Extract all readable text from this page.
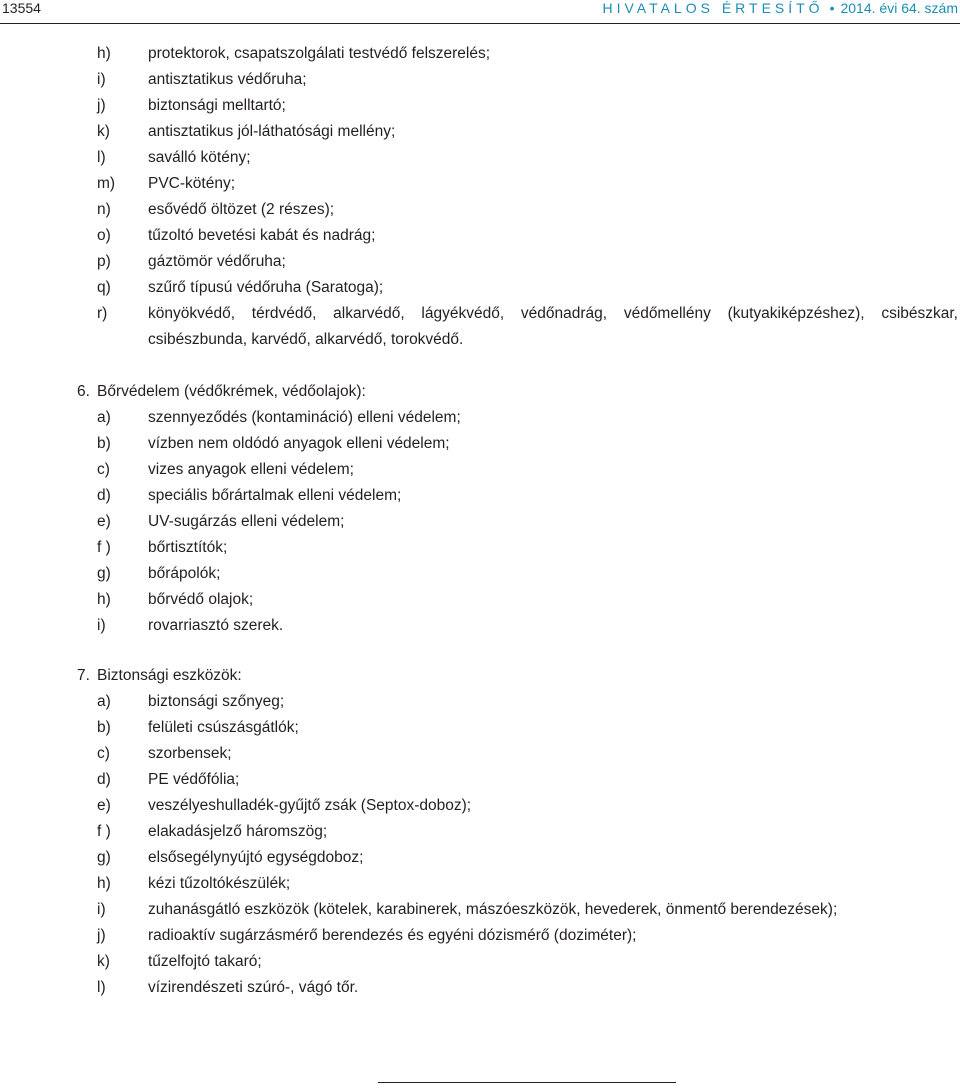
13554	HIVATALOS ÉRTESÍTŐ • 2014. évi 64. szám
h) protektorok, csapatszolgálati testvédő felszerelés;
i)	antisztatikus védőruha;
j)	biztonsági melltartó;
k) antisztatikus jól-láthatósági mellény;
l)	saválló kötény;
m) PVC-kötény;
n) esővédő öltözet (2 részes);
o) tűzoltó bevetési kabát és nadrág;
p) gáztömör védőruha;
q) szűrő típusú védőruha (Saratoga);
r)	könyökvédő, térdvédő, alkarvédő, lágyékvédő, védőnadrág, védőmellény (kutyakiképzéshez), csibészkar, csibészbunda, karvédő, alkarvédő, torokvédő.
6. Bőrvédelem (védőkrémek, védőolajok):
a) szennyeződés (kontamináció) elleni védelem;
b) vízben nem oldódó anyagok elleni védelem;
c) vizes anyagok elleni védelem;
d) speciális bőrártalmak elleni védelem;
e) UV-sugárzás elleni védelem;
f ) bőrtisztítók;
g) bőrápolók;
h) bőrvédő olajok;
i)	rovarriasztó szerek.
7. Biztonsági eszközök:
a) biztonsági szőnyeg;
b) felületi csúszásgátlók;
c) szorbensek;
d) PE védőfólia;
e) veszélyeshulladék-gyűjtő zsák (Septox-doboz);
f ) elakadásjelző háromszög;
g) elsősegélynyújtó egységdoboz;
h) kézi tűzoltókészülék;
i)	zuhanásgátló eszközök (kötelek, karabinerek, mászóeszközök, hevederek, önmentő berendezések);
j)	radioaktív sugárzásmérő berendezés és egyéni dózismérő (doziméter);
k) tűzelfojtó takaró;
l)	vízirendészeti szúró-, vágó tőr.
